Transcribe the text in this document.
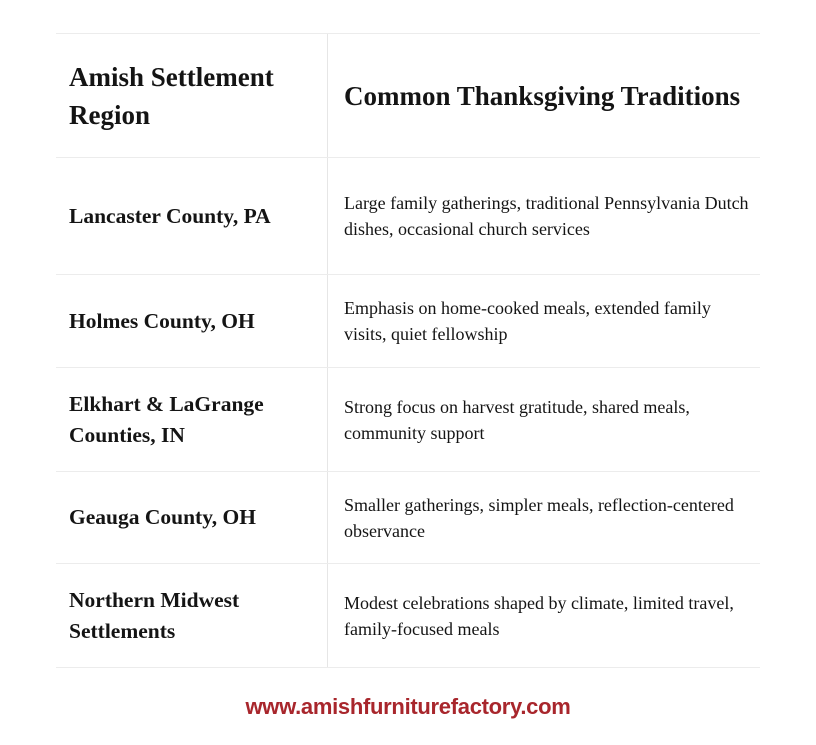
Amish Settlement Region
Common Thanksgiving Traditions
Lancaster County, PA
Large family gatherings, traditional Pennsylvania Dutch dishes, occasional church services
Holmes County, OH
Emphasis on home-cooked meals, extended family visits, quiet fellowship
Elkhart & LaGrange Counties, IN
Strong focus on harvest gratitude, shared meals, community support
Geauga County, OH
Smaller gatherings, simpler meals, reflection-centered observance
Northern Midwest Settlements
Modest celebrations shaped by climate, limited travel, family-focused meals
www.amishfurniturefactory.com
